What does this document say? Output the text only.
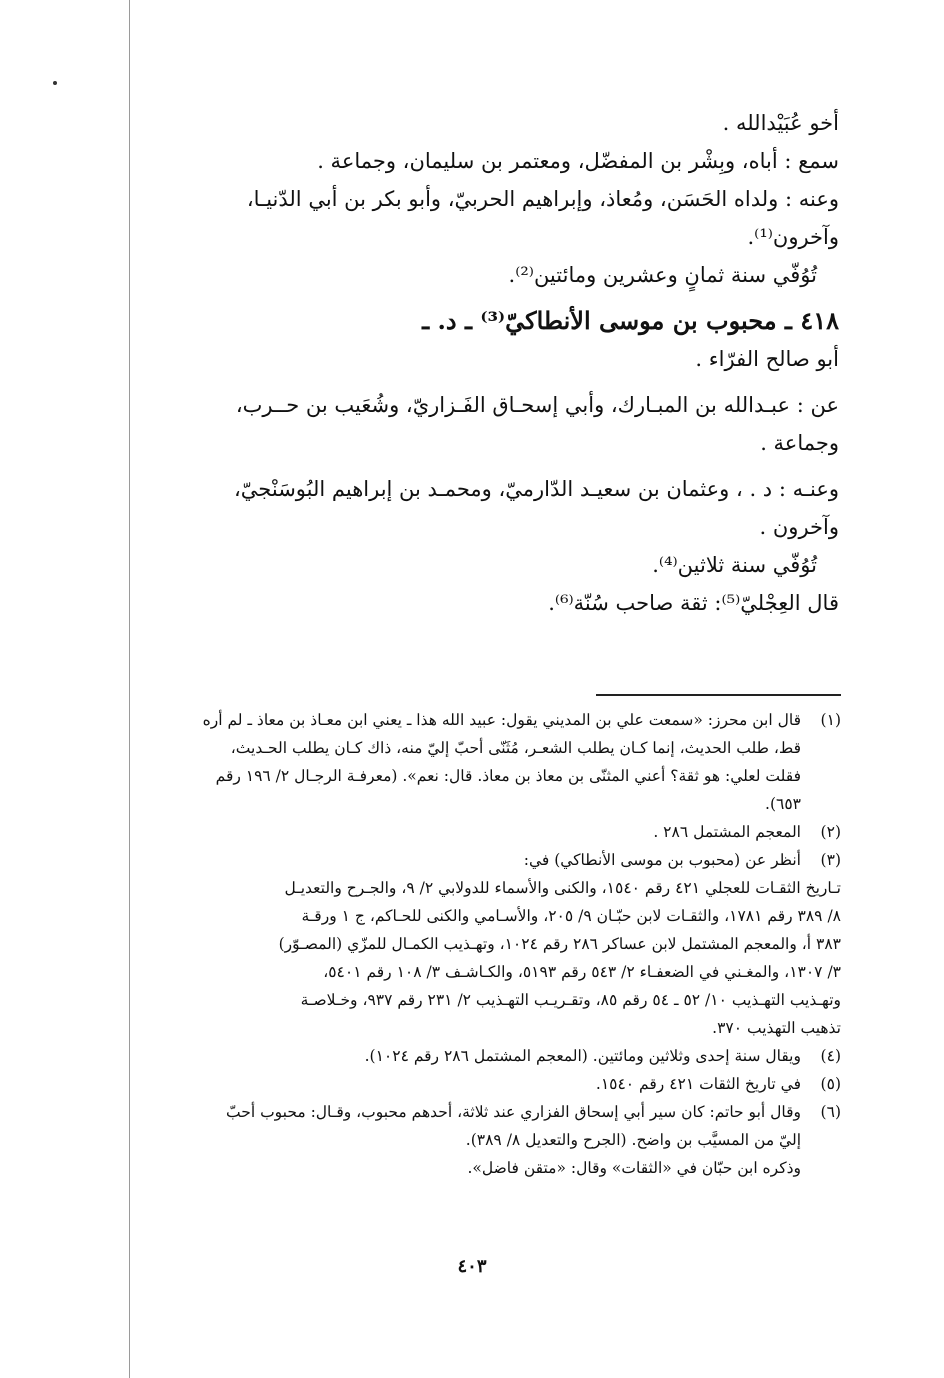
أخو عُبَيْدالله .
سمع : أباه، وبِشْر بن المفضّل، ومعتمر بن سليمان، وجماعة .
وعنه : ولداه الحَسَن، ومُعاذ، وإبراهيم الحربيّ، وأبو بكر بن أبي الدّنيـا،
وآخرون⁽¹⁾.
تُوُفّي سنة ثمانٍ وعشرين ومائتين⁽²⁾.
٤١٨ ـ محبوب بن موسى الأنطاكيّ⁽³⁾ ـ د. ـ
أبو صالح الفرّاء .
عن : عبـدالله بن المبـارك، وأبي إسحـاق الفَـزاريّ، وشُعَيب بن حــرب،
وجماعة .
وعنـه : د . ، وعثمان بن سعيـد الدّارميّ، ومحمـد بن إبراهيم البُوسَنْجيّ،
وآخرون .
تُوُفّي سنة ثلاثين⁽⁴⁾.
قال العِجْليّ⁽⁵⁾: ثقة صاحب سُنّة⁽⁶⁾.
(١)
قال ابن محرز: «سمعت علي بن المديني يقول: عبيد الله هذا ـ يعني ابن معـاذ بن معاذ ـ لم أره
قط، طلب الحديث، إنما كـان يطلب الشعـر، مُثَنّى أحبّ إليّ منه، ذاك كـان يطلب الحـديث،
فقلت لعلي: هو ثقة؟ أعني المثنّى بن معاذ بن معاذ. قال: نعم». (معرفـة الرجـال ٢/ ١٩٦ رقم
٦٥٣).
(٢)
المعجم المشتمل ٢٨٦ .
(٣)
أنظر عن (محبوب بن موسى الأنطاكي) في:
تـاريخ الثقـات للعجلي ٤٢١ رقم ١٥٤٠، والكنى والأسماء للدولابي ٢/ ٩، والجـرح والتعديـل
٨/ ٣٨٩ رقم ١٧٨١، والثقـات لابن حبّـان ٩/ ٢٠٥، والأسـامي والكنى للحـاكم، ج ١ ورقـة
٣٨٣ أ، والمعجم المشتمل لابن عساكر ٢٨٦ رقم ١٠٢٤، وتهـذيب الكمـال للمزّي (المصـوّر)
٣/ ١٣٠٧، والمغـني في الضعفـاء ٢/ ٥٤٣ رقم ٥١٩٣، والكـاشـف ٣/ ١٠٨ رقم ٥٤٠١،
وتهـذيب التهـذيب ١٠/ ٥٢ ـ ٥٤ رقم ٨٥، وتقـريـب التهـذيب ٢/ ٢٣١ رقم ٩٣٧، وخـلاصـة
تذهيب التهذيب ٣٧٠.
(٤)
ويقال سنة إحدى وثلاثين ومائتين. (المعجم المشتمل ٢٨٦ رقم ١٠٢٤).
(٥)
في تاريخ الثقات ٤٢١ رقم ١٥٤٠.
(٦)
وقال أبو حاتم: كان سير أبي إسحاق الفزاري عند ثلاثة، أحدهم محبوب، وقـال: محبوب أحبّ
إليّ من المسيَّب بن واضح. (الجرح والتعديل ٨/ ٣٨٩).
وذكره ابن حبّان في «الثقات» وقال: «متقن فاضل».
٤٠٣
